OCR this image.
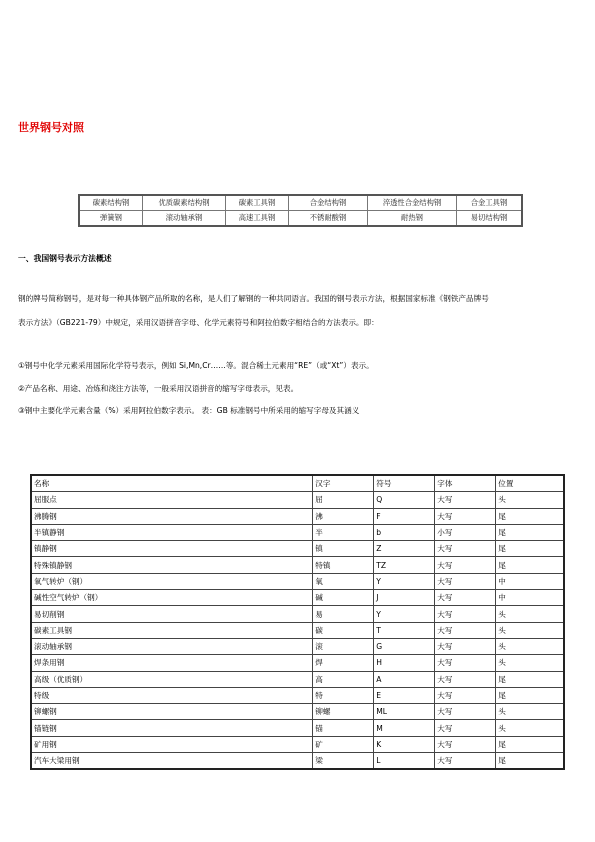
世界钢号对照
碳素结构钢	优质碳素结构钢	碳素工具钢	合金结构钢	淬透性合金结构钢	合金工具钢
弹簧钢	滚动轴承钢	高速工具钢	不锈耐酸钢	耐热钢	易切结构钢
一、我国钢号表示方法概述

钢的牌号简称钢号，是对每一种具体钢产品所取的名称，是人们了解钢的一种共同语言。我国的钢号表示方法，根据国家标准《钢铁产品牌号

表示方法》（GB221-79）中规定，采用汉语拼音字母、化学元素符号和阿拉伯数字相结合的方法表示。即：

①钢号中化学元素采用国际化学符号表示，例如 Si,Mn,Cr……等。混合稀土元素用“RE”（或“Xt”）表示。

②产品名称、用途、冶炼和浇注方法等，一般采用汉语拼音的缩写字母表示，见表。

③钢中主要化学元素含量（%）采用阿拉伯数字表示。 表：GB 标准钢号中所采用的缩写字母及其涵义

名称	汉字	符号	字体	位置
屈服点	屈	Q	大写	头
沸腾钢	沸	F	大写	尾
半镇静钢	半	b	小写	尾
镇静钢	镇	Z	大写	尾
特殊镇静钢	特镇	TZ	大写	尾
氧气转炉（钢）	氧	Y	大写	中
碱性空气转炉（钢）	碱	J	大写	中
易切削钢	易	Y	大写	头
碳素工具钢	碳	T	大写	头
滚动轴承钢	滚	G	大写	头
焊条用钢	焊	H	大写	头
高级（优质钢）	高	A	大写	尾
特级	特	E	大写	尾
铆螺钢	铆螺	ML	大写	头
锚链钢	锚	M	大写	头
矿用钢	矿	K	大写	尾
汽车大梁用钢	梁	L	大写	尾
